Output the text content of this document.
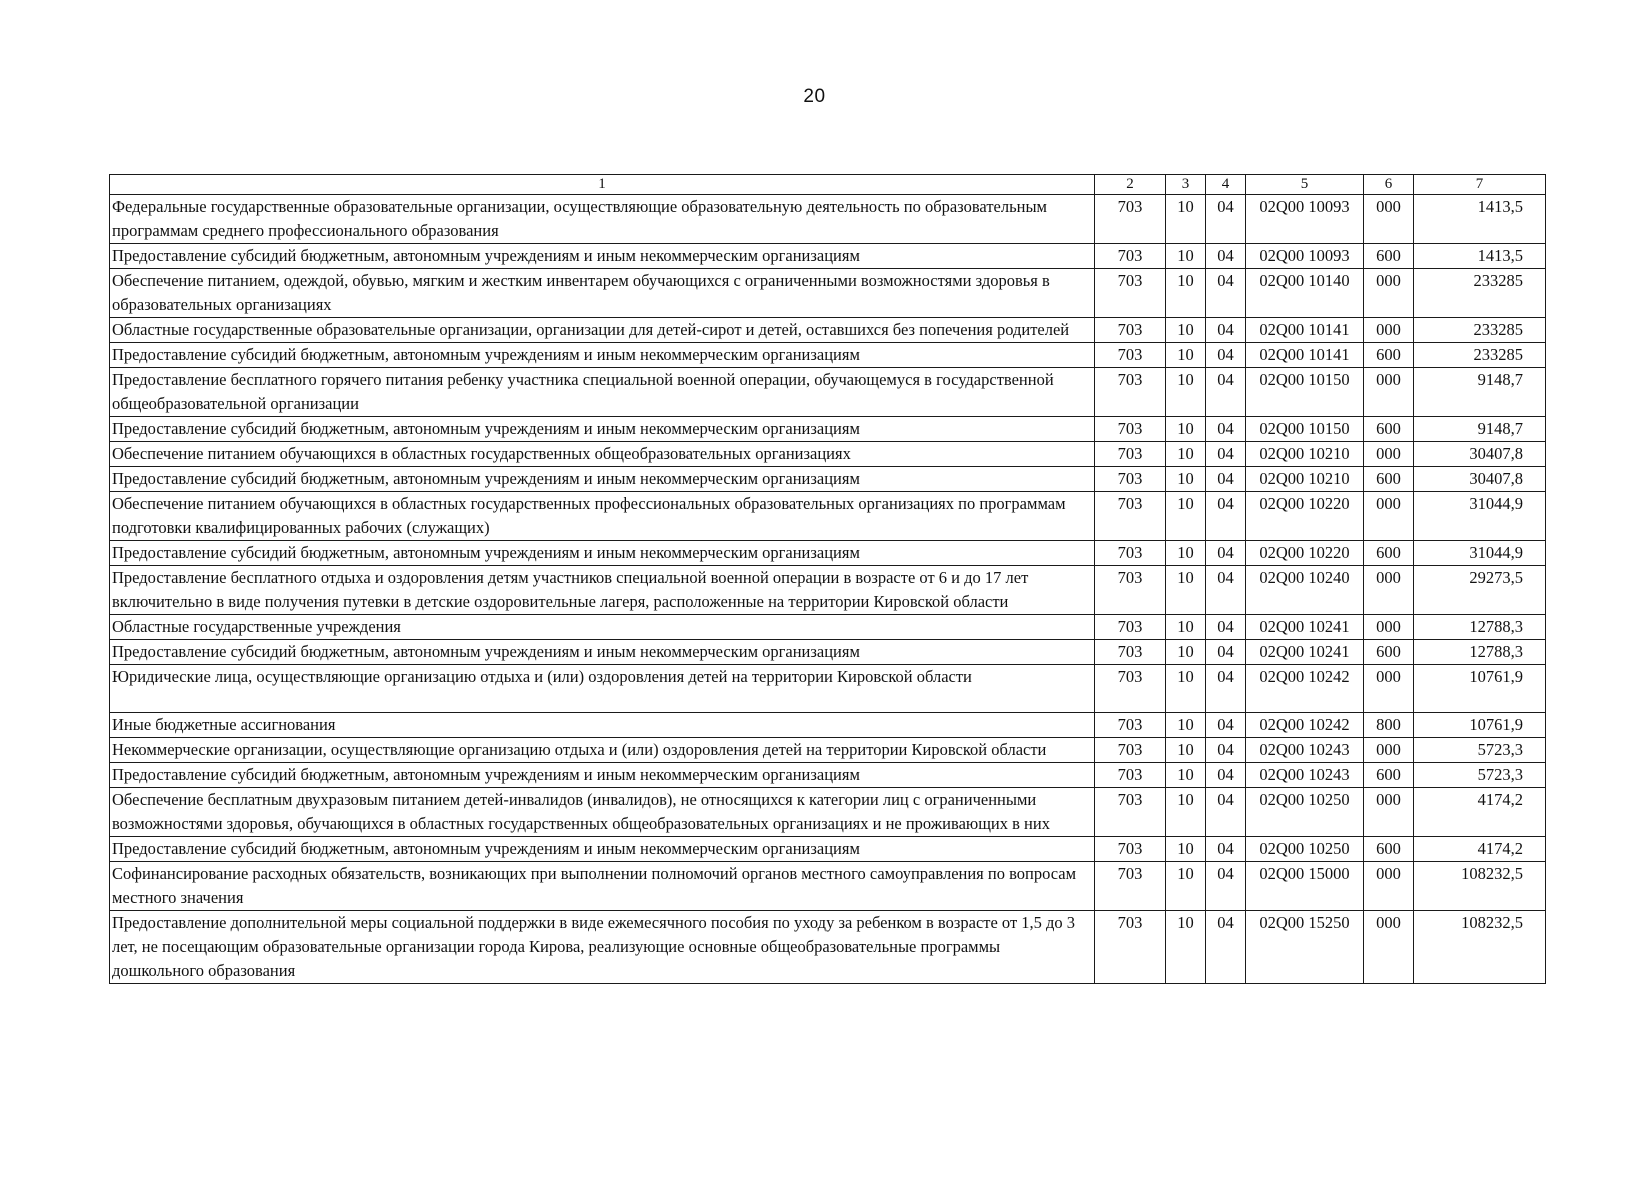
20
1	2	3	4	5	6	7
Федеральные государственные образовательные организации, осуществляющие образовательную деятельность по образовательным программам среднего профессионального образования	703	10	04	02Q00 10093	000	1413,5
Предоставление субсидий бюджетным, автономным учреждениям и иным некоммерческим организациям	703	10	04	02Q00 10093	600	1413,5
Обеспечение питанием, одеждой, обувью, мягким и жестким инвентарем обучающихся с ограниченными возможностями здоровья в образовательных организациях	703	10	04	02Q00 10140	000	233285
Областные государственные образовательные организации, организации для детей-сирот и детей, оставшихся без попечения родителей	703	10	04	02Q00 10141	000	233285
Предоставление субсидий бюджетным, автономным учреждениям и иным некоммерческим организациям	703	10	04	02Q00 10141	600	233285
Предоставление бесплатного горячего питания ребенку участника специальной военной операции, обучающемуся в государственной общеобразовательной организации	703	10	04	02Q00 10150	000	9148,7
Предоставление субсидий бюджетным, автономным учреждениям и иным некоммерческим организациям	703	10	04	02Q00 10150	600	9148,7
Обеспечение питанием обучающихся в областных государственных общеобразовательных организациях	703	10	04	02Q00 10210	000	30407,8
Предоставление субсидий бюджетным, автономным учреждениям и иным некоммерческим организациям	703	10	04	02Q00 10210	600	30407,8
Обеспечение питанием обучающихся в областных государственных профессиональных образовательных организациях по программам подготовки квалифицированных рабочих (служащих)	703	10	04	02Q00 10220	000	31044,9
Предоставление субсидий бюджетным, автономным учреждениям и иным некоммерческим организациям	703	10	04	02Q00 10220	600	31044,9
Предоставление бесплатного отдыха и оздоровления детям участников специальной военной операции в возрасте от 6 и до 17 лет включительно в виде получения путевки в детские оздоровительные лагеря, расположенные на территории Кировской области	703	10	04	02Q00 10240	000	29273,5
Областные государственные учреждения	703	10	04	02Q00 10241	000	12788,3
Предоставление субсидий бюджетным, автономным учреждениям и иным некоммерческим организациям	703	10	04	02Q00 10241	600	12788,3
Юридические лица, осуществляющие организацию отдыха и (или) оздоровления детей на территории Кировской области	703	10	04	02Q00 10242	000	10761,9
Иные бюджетные ассигнования	703	10	04	02Q00 10242	800	10761,9
Некоммерческие организации, осуществляющие организацию отдыха и (или) оздоровления детей на территории Кировской области	703	10	04	02Q00 10243	000	5723,3
Предоставление субсидий бюджетным, автономным учреждениям и иным некоммерческим организациям	703	10	04	02Q00 10243	600	5723,3
Обеспечение бесплатным двухразовым питанием детей-инвалидов (инвалидов), не относящихся к категории лиц с ограниченными возможностями здоровья, обучающихся в областных государственных общеобразовательных организациях и не проживающих в них	703	10	04	02Q00 10250	000	4174,2
Предоставление субсидий бюджетным, автономным учреждениям и иным некоммерческим организациям	703	10	04	02Q00 10250	600	4174,2
Софинансирование расходных обязательств, возникающих при выполнении полномочий органов местного самоуправления по вопросам местного значения	703	10	04	02Q00 15000	000	108232,5
Предоставление дополнительной меры социальной поддержки в виде ежемесячного пособия по уходу за ребенком в возрасте от 1,5 до 3 лет, не посещающим образовательные организации города Кирова, реализующие основные общеобразовательные программы дошкольного образования	703	10	04	02Q00 15250	000	108232,5
